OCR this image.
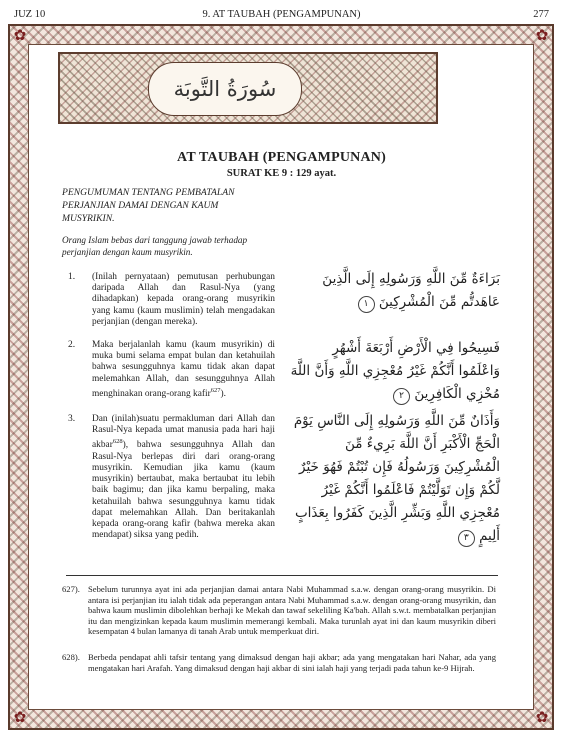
JUZ 10	9. AT TAUBAH (PENGAMPUNAN)	277
✿	✿
✿	✿
سُورَةُ التَّوبَة
AT TAUBAH (PENGAMPUNAN)
SURAT KE 9 : 129 ayat.
PENGUMUMAN TENTANG PEMBATALAN PERJANJIAN DAMAI DENGAN KAUM MUSYRIKIN.
Orang Islam bebas dari tanggung jawab terhadap perjanjian dengan kaum musyrikin.
1. (Inilah pernyataan) pemutusan perhubungan daripada Allah dan Rasul-Nya (yang dihadapkan) kepada orang-orang musyrikin yang kamu (kaum muslimin) telah mengadakan perjanjian (dengan mereka).
بَرَاءَةٌ مِّنَ اللَّهِ وَرَسُولِهِ إِلَى الَّذِينَ عَاهَدتُّم مِّنَ الْمُشْرِكِينَ ١
2. Maka berjalanlah kamu (kaum musyrikin) di muka bumi selama empat bulan dan ketahuilah bahwa sesungguhnya kamu tidak akan dapat melemahkan Allah, dan sesungguhnya Allah menghinakan orang-orang kafir$^{627}$).
فَسِيحُوا فِي الْأَرْضِ أَرْبَعَةَ أَشْهُرٍ وَاعْلَمُوا أَنَّكُمْ غَيْرُ مُعْجِزِي اللَّهِ وَأَنَّ اللَّهَ مُخْزِي الْكَافِرِينَ ٢
3. Dan (inilah)suatu permakluman dari Allah dan Rasul-Nya kepada umat manusia pada hari haji akbar$^{628}$), bahwa sesungguhnya Allah dan Rasul-Nya berlepas diri dari orang-orang musyrikin. Kemudian jika kamu (kaum musyrikin) bertaubat, maka bertaubat itu lebih baik bagimu; dan jika kamu berpaling, maka ketahuilah bahwa sesungguhnya kamu tidak dapat melemahkan Allah. Dan beritakanlah kepada orang-orang kafir (bahwa mereka akan mendapat) siksa yang pedih.
وَأَذَانٌ مِّنَ اللَّهِ وَرَسُولِهِ إِلَى النَّاسِ يَوْمَ الْحَجِّ الْأَكْبَرِ أَنَّ اللَّهَ بَرِيءٌ مِّنَ الْمُشْرِكِينَ وَرَسُولُهُ فَإِن تُبْتُمْ فَهُوَ خَيْرٌ لَّكُمْ وَإِن تَوَلَّيْتُمْ فَاعْلَمُوا أَنَّكُمْ غَيْرُ مُعْجِزِي اللَّهِ وَبَشِّرِ الَّذِينَ كَفَرُوا بِعَذَابٍ أَلِيمٍ ٣
627). Sebelum turunnya ayat ini ada perjanjian damai antara Nabi Muhammad s.a.w. dengan orang-orang musyrikin. Di antara isi perjanjian itu ialah tidak ada peperangan antara Nabi Muhammad s.a.w. dengan orang-orang musyrikin, dan bahwa kaum muslimin dibolehkan berhaji ke Mekah dan tawaf sekeliling Ka'bah. Allah s.w.t. membatalkan perjanjian itu dan mengizinkan kepada kaum muslimin memerangi kembali. Maka turunlah ayat ini dan kaum musyrikin diberi kesempatan 4 bulan lamanya di tanah Arab untuk memperkuat diri.
628). Berbeda pendapat ahli tafsir tentang yang dimaksud dengan haji akbar; ada yang mengatakan hari Nahar, ada yang mengatakan hari Arafah. Yang dimaksud dengan haji akbar di sini ialah haji yang terjadi pada tahun ke-9 Hijrah.
